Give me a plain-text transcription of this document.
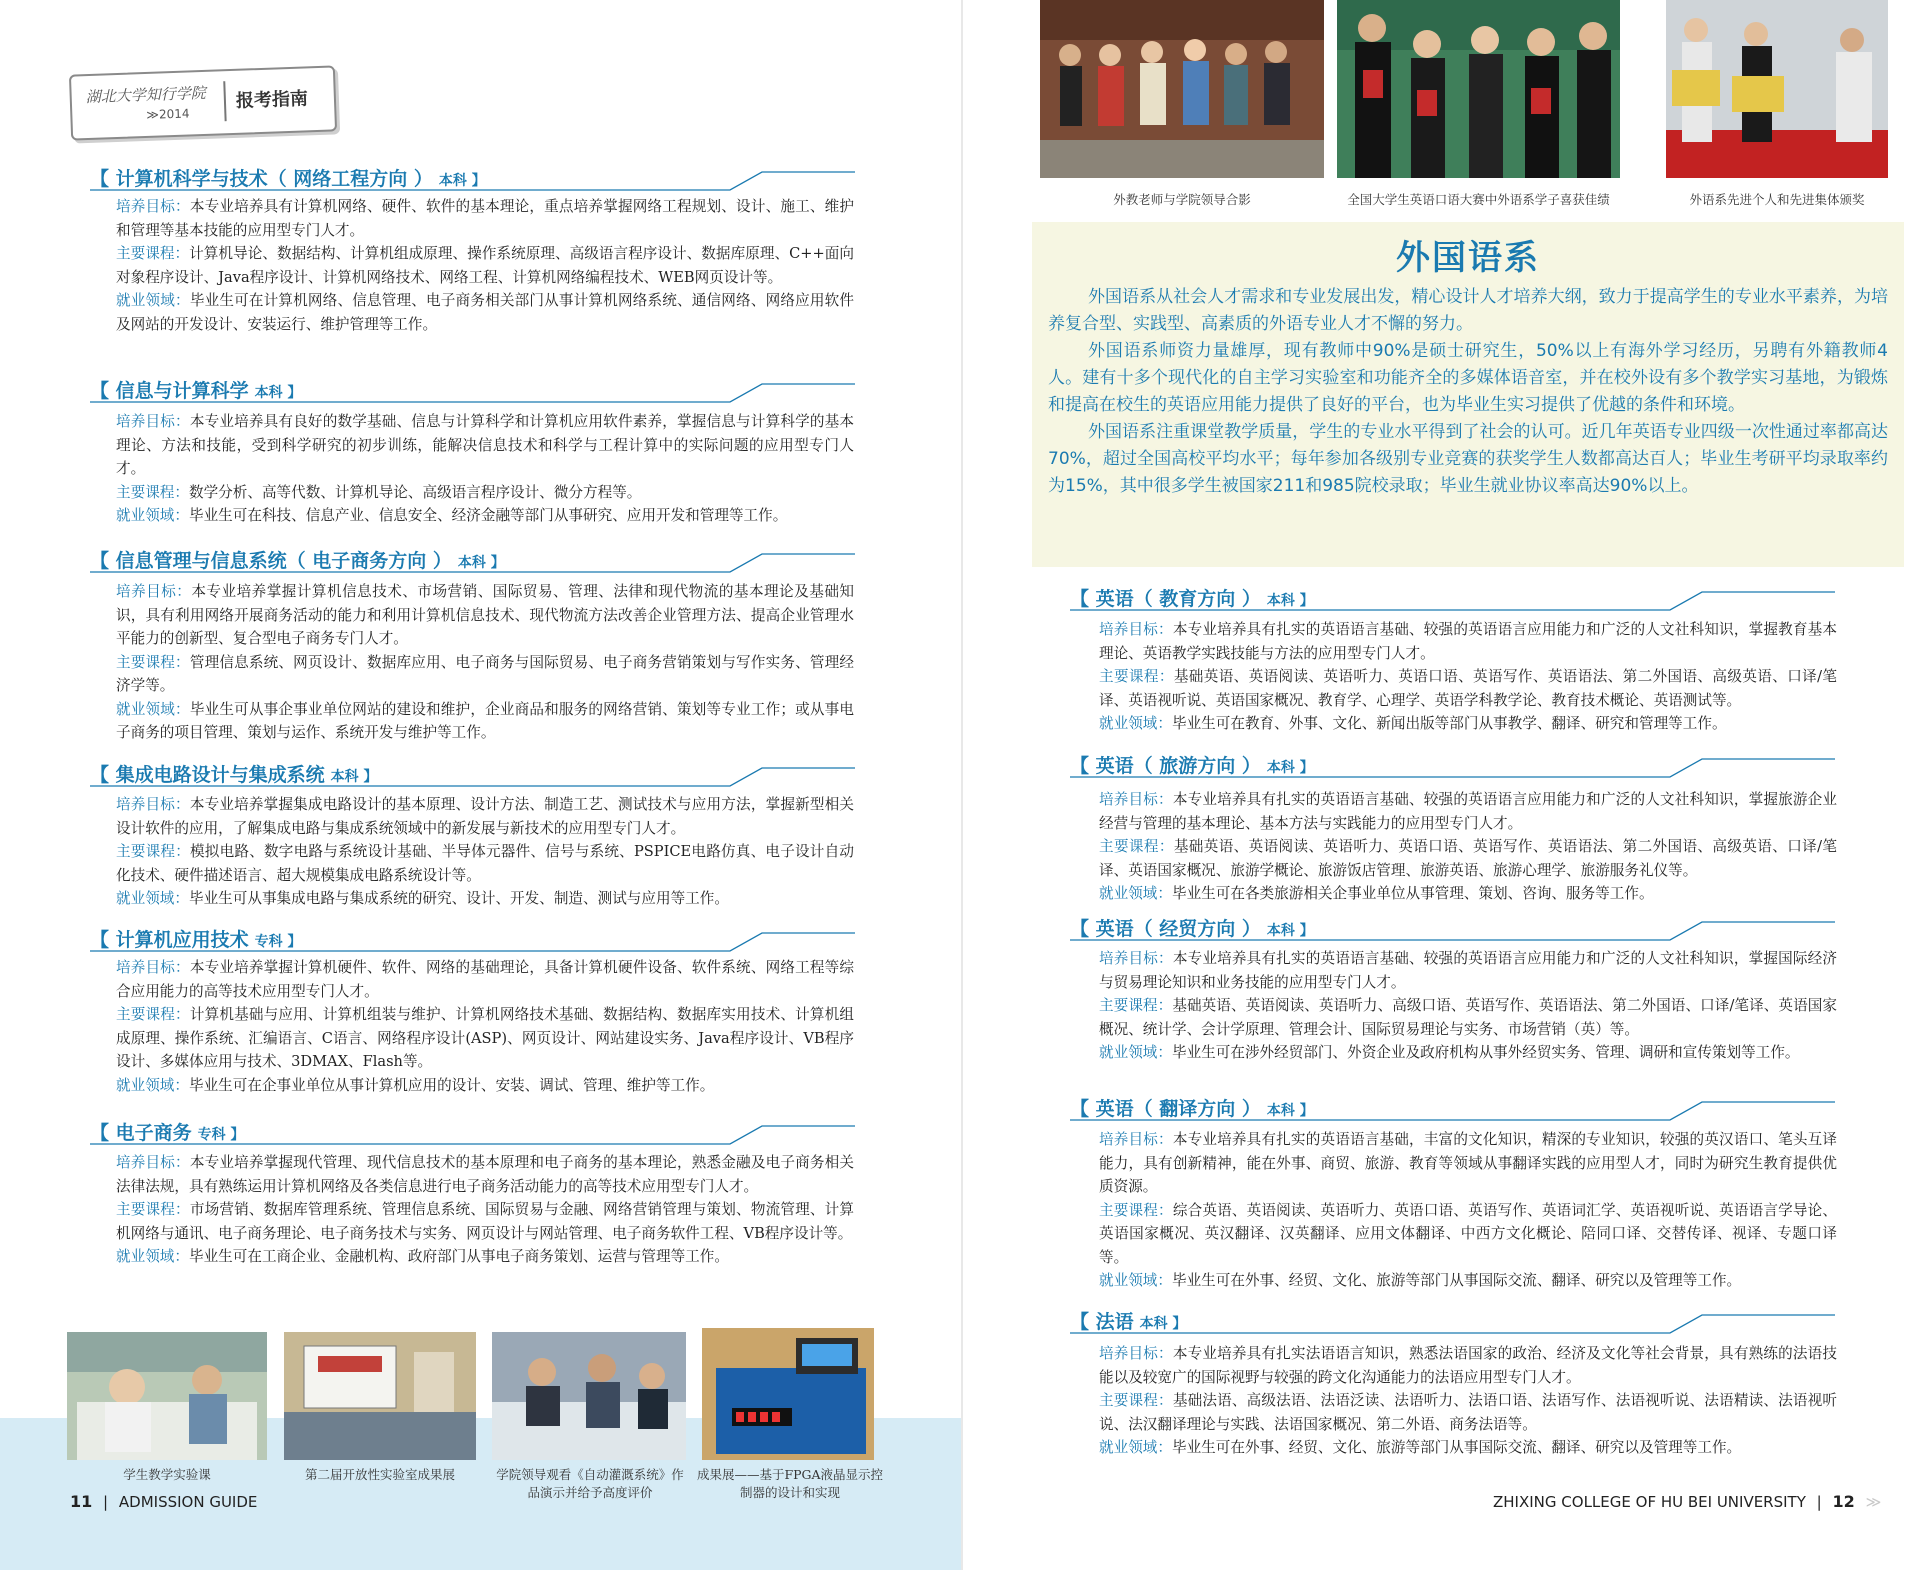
湖北大学知行学院
≫2014
报考指南
【 计算机科学与技术（ 网络工程方向 ） 本科 】

培养目标：本专业培养具有计算机网络、硬件、软件的基本理论，重点培养掌握网络工程规划、设计、施工、维护和管理等基本技能的应用型专门人才。

主要课程：计算机导论、数据结构、计算机组成原理、操作系统原理、高级语言程序设计、数据库原理、C++面向对象程序设计、Java程序设计、计算机网络技术、网络工程、计算机网络编程技术、WEB网页设计等。

就业领域：毕业生可在计算机网络、信息管理、电子商务相关部门从事计算机网络系统、通信网络、网络应用软件及网站的开发设计、安装运行、维护管理等工作。

【 信息与计算科学 本科 】

培养目标：本专业培养具有良好的数学基础、信息与计算科学和计算机应用软件素养，掌握信息与计算科学的基本理论、方法和技能，受到科学研究的初步训练，能解决信息技术和科学与工程计算中的实际问题的应用型专门人才。

主要课程：数学分析、高等代数、计算机导论、高级语言程序设计、微分方程等。

就业领域：毕业生可在科技、信息产业、信息安全、经济金融等部门从事研究、应用开发和管理等工作。

【 信息管理与信息系统（ 电子商务方向 ） 本科 】

培养目标：本专业培养掌握计算机信息技术、市场营销、国际贸易、管理、法律和现代物流的基本理论及基础知识，具有利用网络开展商务活动的能力和利用计算机信息技术、现代物流方法改善企业管理方法、提高企业管理水平能力的创新型、复合型电子商务专门人才。

主要课程：管理信息系统、网页设计、数据库应用、电子商务与国际贸易、电子商务营销策划与写作实务、管理经济学等。

就业领域：毕业生可从事企事业单位网站的建设和维护，企业商品和服务的网络营销、策划等专业工作；或从事电子商务的项目管理、策划与运作、系统开发与维护等工作。

【 集成电路设计与集成系统 本科 】

培养目标：本专业培养掌握集成电路设计的基本原理、设计方法、制造工艺、测试技术与应用方法，掌握新型相关设计软件的应用，了解集成电路与集成系统领域中的新发展与新技术的应用型专门人才。

主要课程：模拟电路、数字电路与系统设计基础、半导体元器件、信号与系统、PSPICE电路仿真、电子设计自动化技术、硬件描述语言、超大规模集成电路系统设计等。

就业领域：毕业生可从事集成电路与集成系统的研究、设计、开发、制造、测试与应用等工作。

【 计算机应用技术 专科 】

培养目标：本专业培养掌握计算机硬件、软件、网络的基础理论，具备计算机硬件设备、软件系统、网络工程等综合应用能力的高等技术应用型专门人才。

主要课程：计算机基础与应用、计算机组装与维护、计算机网络技术基础、数据结构、数据库实用技术、计算机组成原理、操作系统、汇编语言、C语言、网络程序设计(ASP)、网页设计、网站建设实务、Java程序设计、VB程序设计、多媒体应用与技术、3DMAX、Flash等。

就业领域：毕业生可在企事业单位从事计算机应用的设计、安装、调试、管理、维护等工作。

【 电子商务 专科 】

培养目标：本专业培养掌握现代管理、现代信息技术的基本原理和电子商务的基本理论，熟悉金融及电子商务相关法律法规，具有熟练运用计算机网络及各类信息进行电子商务活动能力的高等技术应用型专门人才。

主要课程：市场营销、数据库管理系统、管理信息系统、国际贸易与金融、网络营销管理与策划、物流管理、计算机网络与通讯、电子商务理论、电子商务技术与实务、网页设计与网站管理、电子商务软件工程、VB程序设计等。

就业领域：毕业生可在工商企业、金融机构、政府部门从事电子商务策划、运营与管理等工作。

学生教学实验课	第二届开放性实验室成果展	学院领导观看《自动灌溉系统》作品演示并给予高度评价
成果展——基于FPGA液晶显示控制器的设计和实现
11 | ADMISSION GUIDE
外教老师与学院领导合影	全国大学生英语口语大赛中外语系学子喜获佳绩	外语系先进个人和先进集体颁奖
外国语系

外国语系从社会人才需求和专业发展出发，精心设计人才培养大纲，致力于提高学生的专业水平素养，为培养复合型、实践型、高素质的外语专业人才不懈的努力。

外国语系师资力量雄厚，现有教师中90%是硕士研究生，50%以上有海外学习经历，另聘有外籍教师4人。建有十多个现代化的自主学习实验室和功能齐全的多媒体语音室，并在校外设有多个教学实习基地，为锻炼和提高在校生的英语应用能力提供了良好的平台，也为毕业生实习提供了优越的条件和环境。

外国语系注重课堂教学质量，学生的专业水平得到了社会的认可。近几年英语专业四级一次性通过率都高达70%，超过全国高校平均水平；每年参加各级别专业竞赛的获奖学生人数都高达百人；毕业生考研平均录取率约为15%，其中很多学生被国家211和985院校录取；毕业生就业协议率高达90%以上。

【 英语（ 教育方向 ） 本科 】

培养目标：本专业培养具有扎实的英语语言基础、较强的英语语言应用能力和广泛的人文社科知识，掌握教育基本理论、英语教学实践技能与方法的应用型专门人才。

主要课程：基础英语、英语阅读、英语听力、英语口语、英语写作、英语语法、第二外国语、高级英语、口译/笔译、英语视听说、英语国家概况、教育学、心理学、英语学科教学论、教育技术概论、英语测试等。

就业领域：毕业生可在教育、外事、文化、新闻出版等部门从事教学、翻译、研究和管理等工作。

【 英语（ 旅游方向 ） 本科 】

培养目标：本专业培养具有扎实的英语语言基础、较强的英语语言应用能力和广泛的人文社科知识，掌握旅游企业经营与管理的基本理论、基本方法与实践能力的应用型专门人才。

主要课程：基础英语、英语阅读、英语听力、英语口语、英语写作、英语语法、第二外国语、高级英语、口译/笔译、英语国家概况、旅游学概论、旅游饭店管理、旅游英语、旅游心理学、旅游服务礼仪等。

就业领域：毕业生可在各类旅游相关企事业单位从事管理、策划、咨询、服务等工作。

【 英语（ 经贸方向 ） 本科 】

培养目标：本专业培养具有扎实的英语语言基础、较强的英语语言应用能力和广泛的人文社科知识，掌握国际经济与贸易理论知识和业务技能的应用型专门人才。

主要课程：基础英语、英语阅读、英语听力、高级口语、英语写作、英语语法、第二外国语、口译/笔译、英语国家概况、统计学、会计学原理、管理会计、国际贸易理论与实务、市场营销（英）等。

就业领域：毕业生可在涉外经贸部门、外资企业及政府机构从事外经贸实务、管理、调研和宣传策划等工作。

【 英语（ 翻译方向 ） 本科 】

培养目标：本专业培养具有扎实的英语语言基础，丰富的文化知识，精深的专业知识，较强的英汉语口、笔头互译能力，具有创新精神，能在外事、商贸、旅游、教育等领域从事翻译实践的应用型人才，同时为研究生教育提供优质资源。

主要课程：综合英语、英语阅读、英语听力、英语口语、英语写作、英语词汇学、英语视听说、英语语言学导论、英语国家概况、英汉翻译、汉英翻译、应用文体翻译、中西方文化概论、陪同口译、交替传译、视译、专题口译等。

就业领域：毕业生可在外事、经贸、文化、旅游等部门从事国际交流、翻译、研究以及管理等工作。

【 法语 本科 】

培养目标：本专业培养具有扎实法语语言知识，熟悉法语国家的政治、经济及文化等社会背景，具有熟练的法语技能以及较宽广的国际视野与较强的跨文化沟通能力的法语应用型专门人才。

主要课程：基础法语、高级法语、法语泛读、法语听力、法语口语、法语写作、法语视听说、法语精读、法语视听说、法汉翻译理论与实践、法语国家概况、第二外语、商务法语等。

就业领域：毕业生可在外事、经贸、文化、旅游等部门从事国际交流、翻译、研究以及管理等工作。

ZHIXING COLLEGE OF HU BEI UNIVERSITY | 12 ≫
